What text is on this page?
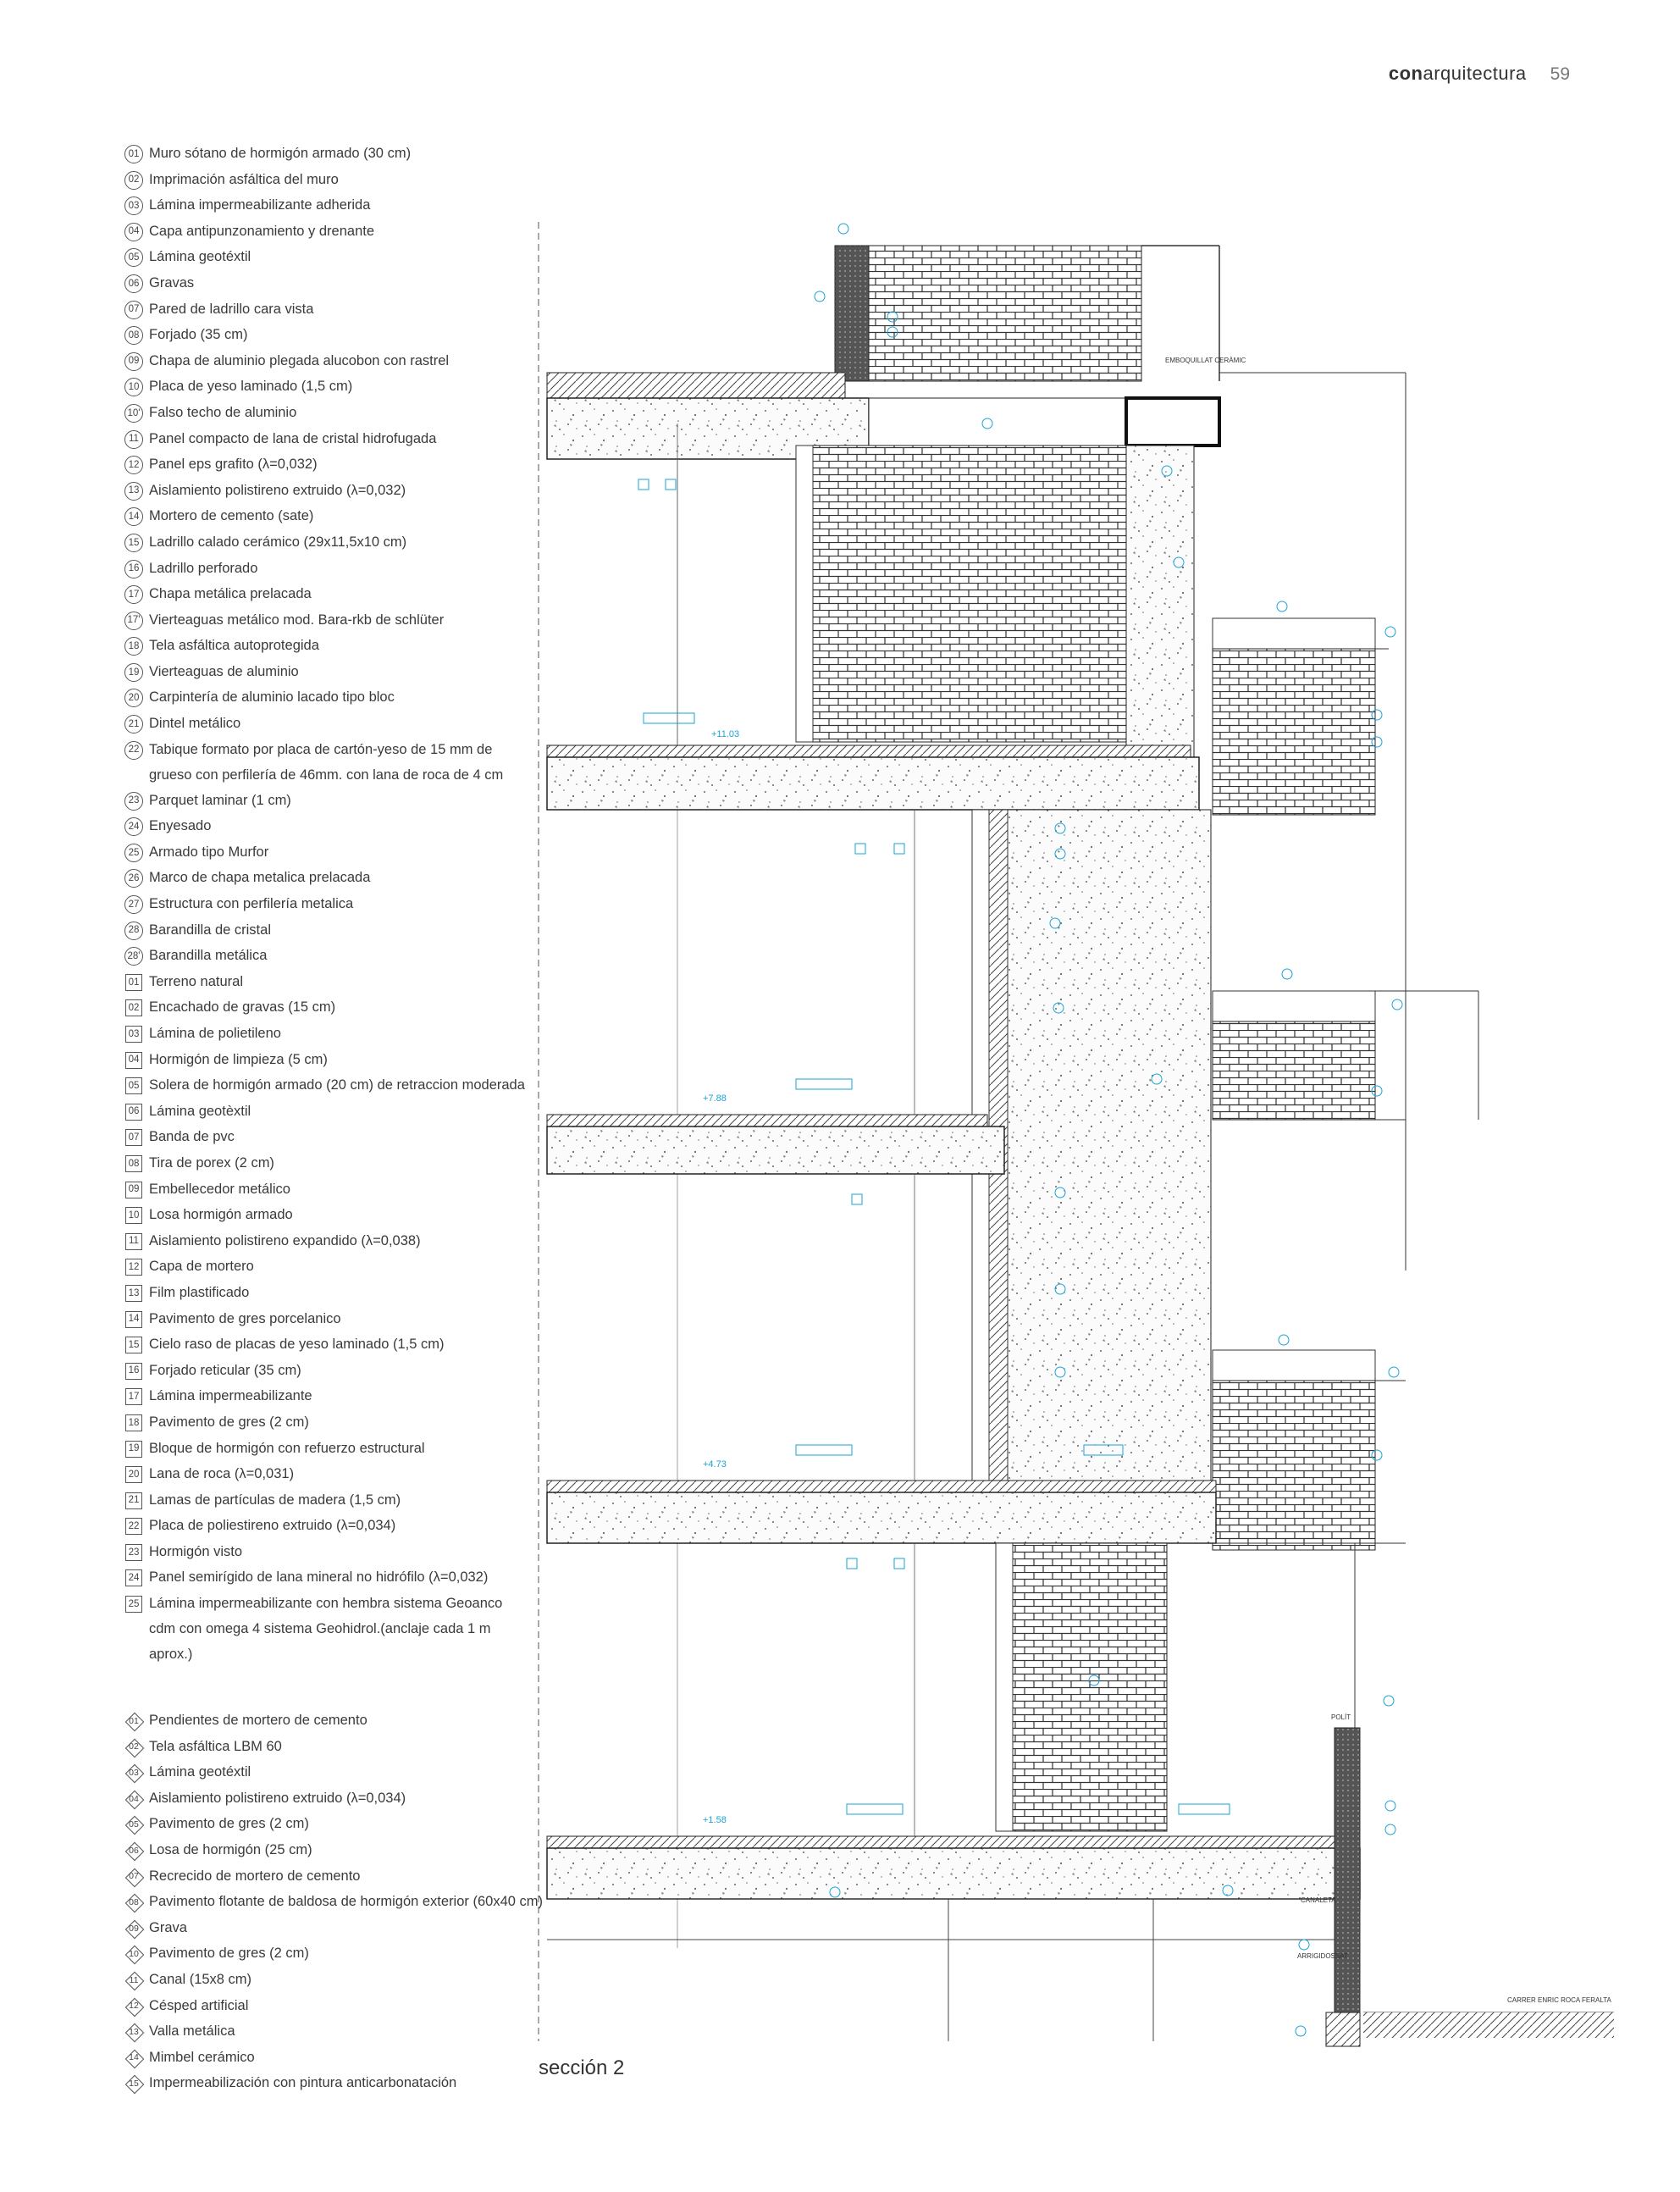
conarquitectura 59
01 Muro sótano de hormigón armado (30 cm)
02 Imprimación asfáltica del muro
03 Lámina impermeabilizante adherida
04 Capa antipunzonamiento y drenante
05 Lámina geotéxtil
06 Gravas
07 Pared de ladrillo cara vista
08 Forjado (35 cm)
09 Chapa de aluminio plegada alucobon con rastrel
10 Placa de yeso laminado (1,5 cm)
10' Falso techo de aluminio
11 Panel compacto de lana de cristal hidrofugada
12 Panel eps grafito (λ=0,032)
13 Aislamiento polistireno extruido (λ=0,032)
14 Mortero de cemento (sate)
15 Ladrillo calado cerámico (29x11,5x10 cm)
16 Ladrillo perforado
17 Chapa metálica prelacada
17' Vierteaguas metálico mod. Bara-rkb de schlüter
18 Tela asfáltica autoprotegida
19 Vierteaguas de aluminio
20 Carpintería de aluminio lacado tipo bloc
21 Dintel metálico
22 Tabique formato por placa de cartón-yeso de 15 mm de grueso con perfilería de 46mm. con lana de roca de 4 cm
23 Parquet laminar (1 cm)
24 Enyesado
25 Armado tipo Murfor
26 Marco de chapa metalica prelacada
27 Estructura con perfilería metalica
28 Barandilla de cristal
28' Barandilla metálica
01 Terreno natural
02 Encachado de gravas (15 cm)
03 Lámina de polietileno
04 Hormigón de limpieza (5 cm)
05 Solera de hormigón armado (20 cm) de retraccion moderada
06 Lámina geotèxtil
07 Banda de pvc
08 Tira de porex (2 cm)
09 Embellecedor metálico
10 Losa hormigón armado
11 Aislamiento polistireno expandido (λ=0,038)
12 Capa de mortero
13 Film plastificado
14 Pavimento de gres porcelanico
15 Cielo raso de placas de yeso laminado (1,5 cm)
16 Forjado reticular (35 cm)
17 Lámina impermeabilizante
18 Pavimento de gres (2 cm)
19 Bloque de hormigón con refuerzo estructural
20 Lana de roca (λ=0,031)
21 Lamas de partículas de madera (1,5 cm)
22 Placa de poliestireno extruido (λ=0,034)
23 Hormigón visto
24 Panel semirígido de lana mineral no hidrófilo (λ=0,032)
25 Lámina impermeabilizante con hembra sistema Geoanco cdm con omega 4 sistema Geohidrol.(anclaje cada 1 m aprox.)
01 Pendientes de mortero de cemento
02 Tela asfáltica LBM 60
03 Lámina geotéxtil
04 Aislamiento polistireno extruido (λ=0,034)
05 Pavimento de gres (2 cm)
06 Losa de hormigón (25 cm)
07 Recrecido de mortero de cemento
08 Pavimento flotante de baldosa de hormigón exterior (60x40 cm)
09 Grava
10 Pavimento de gres (2 cm)
11 Canal (15x8 cm)
12 Césped artificial
13 Valla metálica
14 Mimbel cerámico
15 Impermeabilización con pintura anticarbonatación
+11.03
+7.88
+4.73
+1.58
EMBOQUILLAT CERÀMIC
CANALETA
ARRIGIDOSSAT
POLÍT
CARRER ENRIC ROCA FERALTA
sección 2
